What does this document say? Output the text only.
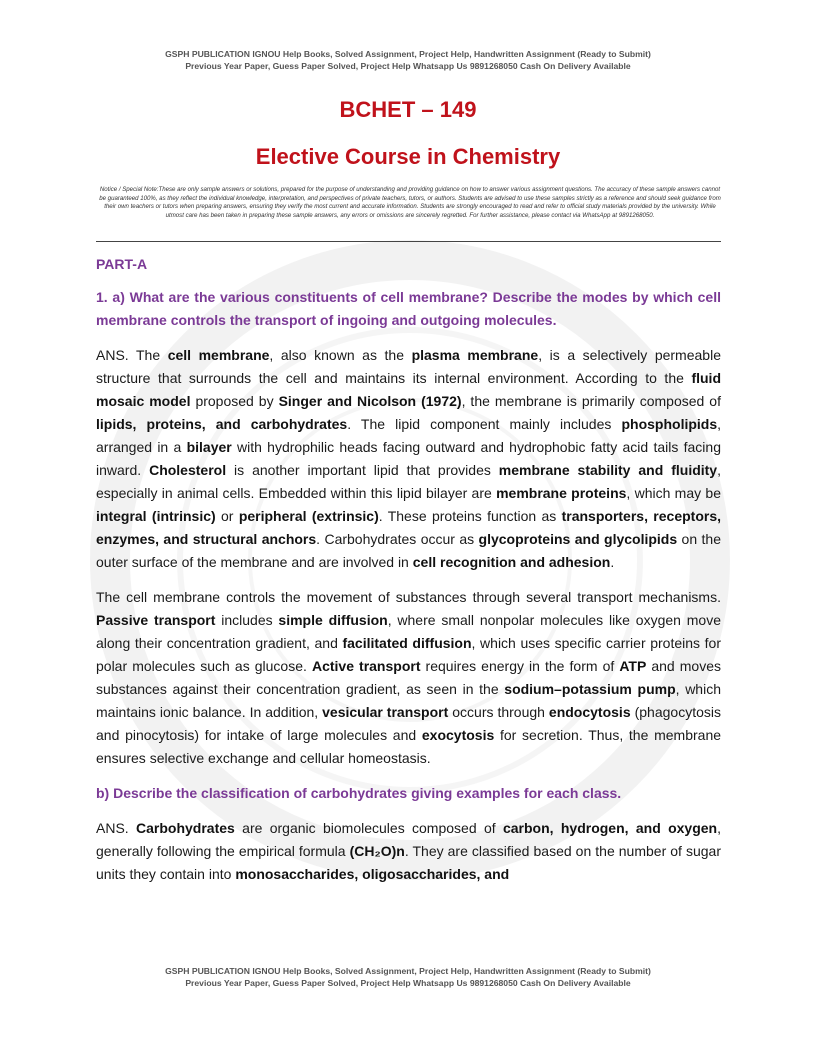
GSPH PUBLICATION IGNOU Help Books, Solved Assignment, Project Help, Handwritten Assignment (Ready to Submit)
Previous Year Paper, Guess Paper Solved, Project Help Whatsapp Us 9891268050 Cash On Delivery Available
BCHET – 149
Elective Course in Chemistry
Notice / Special Note:These are only sample answers or solutions, prepared for the purpose of understanding and providing guidance on how to answer various assignment questions. The accuracy of these sample answers cannot be guaranteed 100%, as they reflect the individual knowledge, interpretation, and perspectives of private teachers, tutors, or authors. Students are advised to use these samples strictly as a reference and should seek guidance from their own teachers or tutors when preparing answers, ensuring they verify the most current and accurate information. Students are strongly encouraged to read and refer to official study materials provided by the university. While utmost care has been taken in preparing these sample answers, any errors or omissions are sincerely regretted. For further assistance, please contact via WhatsApp at 9891268050.
PART-A
1. a) What are the various constituents of cell membrane? Describe the modes by which cell membrane controls the transport of ingoing and outgoing molecules.
ANS. The cell membrane, also known as the plasma membrane, is a selectively permeable structure that surrounds the cell and maintains its internal environment. According to the fluid mosaic model proposed by Singer and Nicolson (1972), the membrane is primarily composed of lipids, proteins, and carbohydrates. The lipid component mainly includes phospholipids, arranged in a bilayer with hydrophilic heads facing outward and hydrophobic fatty acid tails facing inward. Cholesterol is another important lipid that provides membrane stability and fluidity, especially in animal cells. Embedded within this lipid bilayer are membrane proteins, which may be integral (intrinsic) or peripheral (extrinsic). These proteins function as transporters, receptors, enzymes, and structural anchors. Carbohydrates occur as glycoproteins and glycolipids on the outer surface of the membrane and are involved in cell recognition and adhesion.
The cell membrane controls the movement of substances through several transport mechanisms. Passive transport includes simple diffusion, where small nonpolar molecules like oxygen move along their concentration gradient, and facilitated diffusion, which uses specific carrier proteins for polar molecules such as glucose. Active transport requires energy in the form of ATP and moves substances against their concentration gradient, as seen in the sodium–potassium pump, which maintains ionic balance. In addition, vesicular transport occurs through endocytosis (phagocytosis and pinocytosis) for intake of large molecules and exocytosis for secretion. Thus, the membrane ensures selective exchange and cellular homeostasis.
b) Describe the classification of carbohydrates giving examples for each class.
ANS. Carbohydrates are organic biomolecules composed of carbon, hydrogen, and oxygen, generally following the empirical formula (CH₂O)n. They are classified based on the number of sugar units they contain into monosaccharides, oligosaccharides, and
GSPH PUBLICATION IGNOU Help Books, Solved Assignment, Project Help, Handwritten Assignment (Ready to Submit)
Previous Year Paper, Guess Paper Solved, Project Help Whatsapp Us 9891268050 Cash On Delivery Available
